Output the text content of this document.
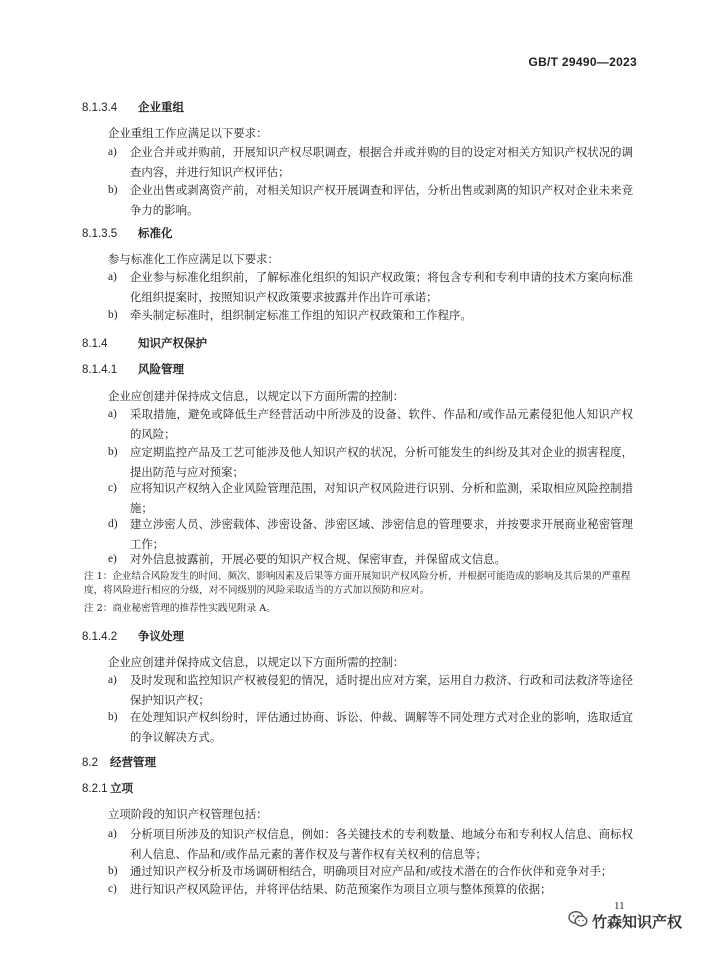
GB/T 29490—2023
8.1.3.4 企业重组
企业重组工作应满足以下要求：
a) 企业合并或并购前，开展知识产权尽职调查，根据合并或并购的目的设定对相关方知识产权状况的调查内容，并进行知识产权评估；
b) 企业出售或剥离资产前，对相关知识产权开展调查和评估，分析出售或剥离的知识产权对企业未来竞争力的影响。
8.1.3.5 标准化
参与标准化工作应满足以下要求：
a) 企业参与标准化组织前，了解标准化组织的知识产权政策；将包含专利和专利申请的技术方案向标准化组织提案时，按照知识产权政策要求披露并作出许可承诺；
b) 牵头制定标准时，组织制定标准工作组的知识产权政策和工作程序。
8.1.4	知识产权保护
8.1.4.1 风险管理
企业应创建并保持成文信息，以规定以下方面所需的控制：
a) 采取措施，避免或降低生产经营活动中所涉及的设备、软件、作品和/或作品元素侵犯他人知识产权的风险；
b) 应定期监控产品及工艺可能涉及他人知识产权的状况，分析可能发生的纠纷及其对企业的损害程度，提出防范与应对预案；
c) 应将知识产权纳入企业风险管理范围，对知识产权风险进行识别、分析和监测，采取相应风险控制措施；
d) 建立涉密人员、涉密载体、涉密设备、涉密区域、涉密信息的管理要求，并按要求开展商业秘密管理工作；
e) 对外信息披露前，开展必要的知识产权合规、保密审查，并保留成文信息。
注 1：企业结合风险发生的时间、频次、影响因素及后果等方面开展知识产权风险分析，并根据可能造成的影响及其后果的严重程度，将风险进行相应的分级，对不同级别的风险采取适当的方式加以预防和应对。
注 2：商业秘密管理的推荐性实践见附录 A。
8.1.4.2 争议处理
企业应创建并保持成文信息，以规定以下方面所需的控制：
a) 及时发现和监控知识产权被侵犯的情况，适时提出应对方案，运用自力救济、行政和司法救济等途径保护知识产权；
b) 在处理知识产权纠纷时，评估通过协商、诉讼、仲裁、调解等不同处理方式对企业的影响，选取适宜的争议解决方式。
8.2 经营管理
8.2.1 立项
立项阶段的知识产权管理包括：
a) 分析项目所涉及的知识产权信息，例如：各关键技术的专利数量、地域分布和专利权人信息、商标权利人信息、作品和/或作品元素的著作权及与著作权有关权利的信息等；
b) 通过知识产权分析及市场调研相结合，明确项目对应产品和/或技术潜在的合作伙伴和竞争对手；
c) 进行知识产权风险评估，并将评估结果、防范预案作为项目立项与整体预算的依据；
11
竹森知识产权
